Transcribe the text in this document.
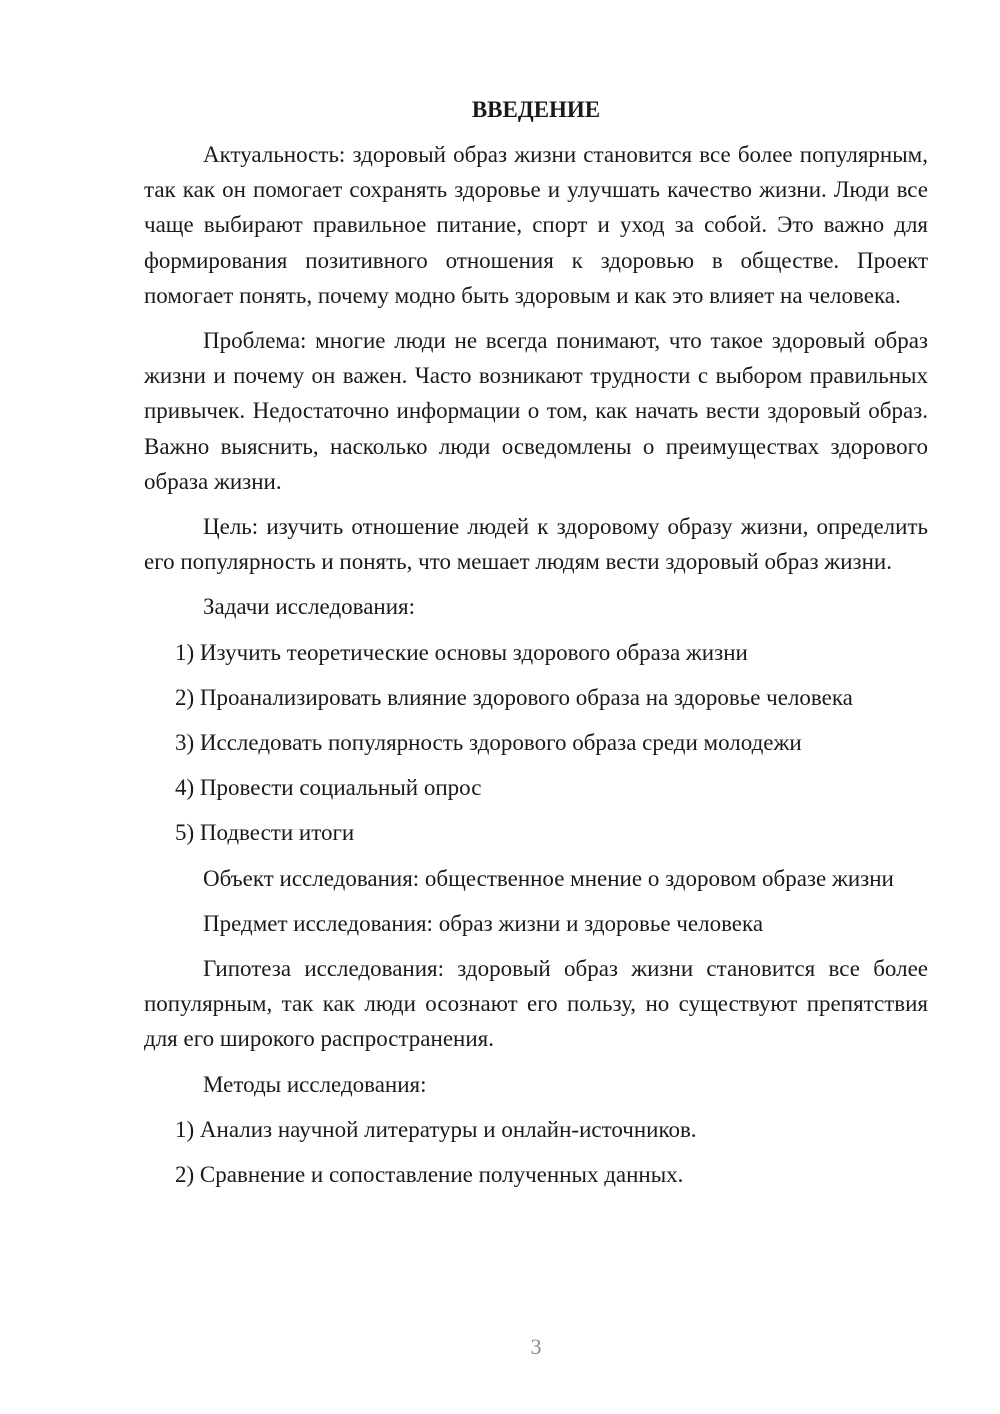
ВВЕДЕНИЕ

Актуальность: здоровый образ жизни становится все более популярным, так как он помогает сохранять здоровье и улучшать качество жизни. Люди все чаще выбирают правильное питание, спорт и уход за собой. Это важно для формирования позитивного отношения к здоровью в обществе. Проект помогает понять, почему модно быть здоровым и как это влияет на человека.

Проблема: многие люди не всегда понимают, что такое здоровый образ жизни и почему он важен. Часто возникают трудности с выбором правильных привычек. Недостаточно информации о том, как начать вести здоровый образ. Важно выяснить, насколько люди осведомлены о преимуществах здорового образа жизни.

Цель: изучить отношение людей к здоровому образу жизни, определить его популярность и понять, что мешает людям вести здоровый образ жизни.

Задачи исследования:

1) Изучить теоретические основы здорового образа жизни

2) Проанализировать влияние здорового образа на здоровье человека

3) Исследовать популярность здорового образа среди молодежи

4) Провести социальный опрос

5) Подвести итоги

Объект исследования: общественное мнение о здоровом образе жизни

Предмет исследования: образ жизни и здоровье человека

Гипотеза исследования: здоровый образ жизни становится все более популярным, так как люди осознают его пользу, но существуют препятствия для его широкого распространения.

Методы исследования:

1) Анализ научной литературы и онлайн-источников.

2) Сравнение и сопоставление полученных данных.

3
